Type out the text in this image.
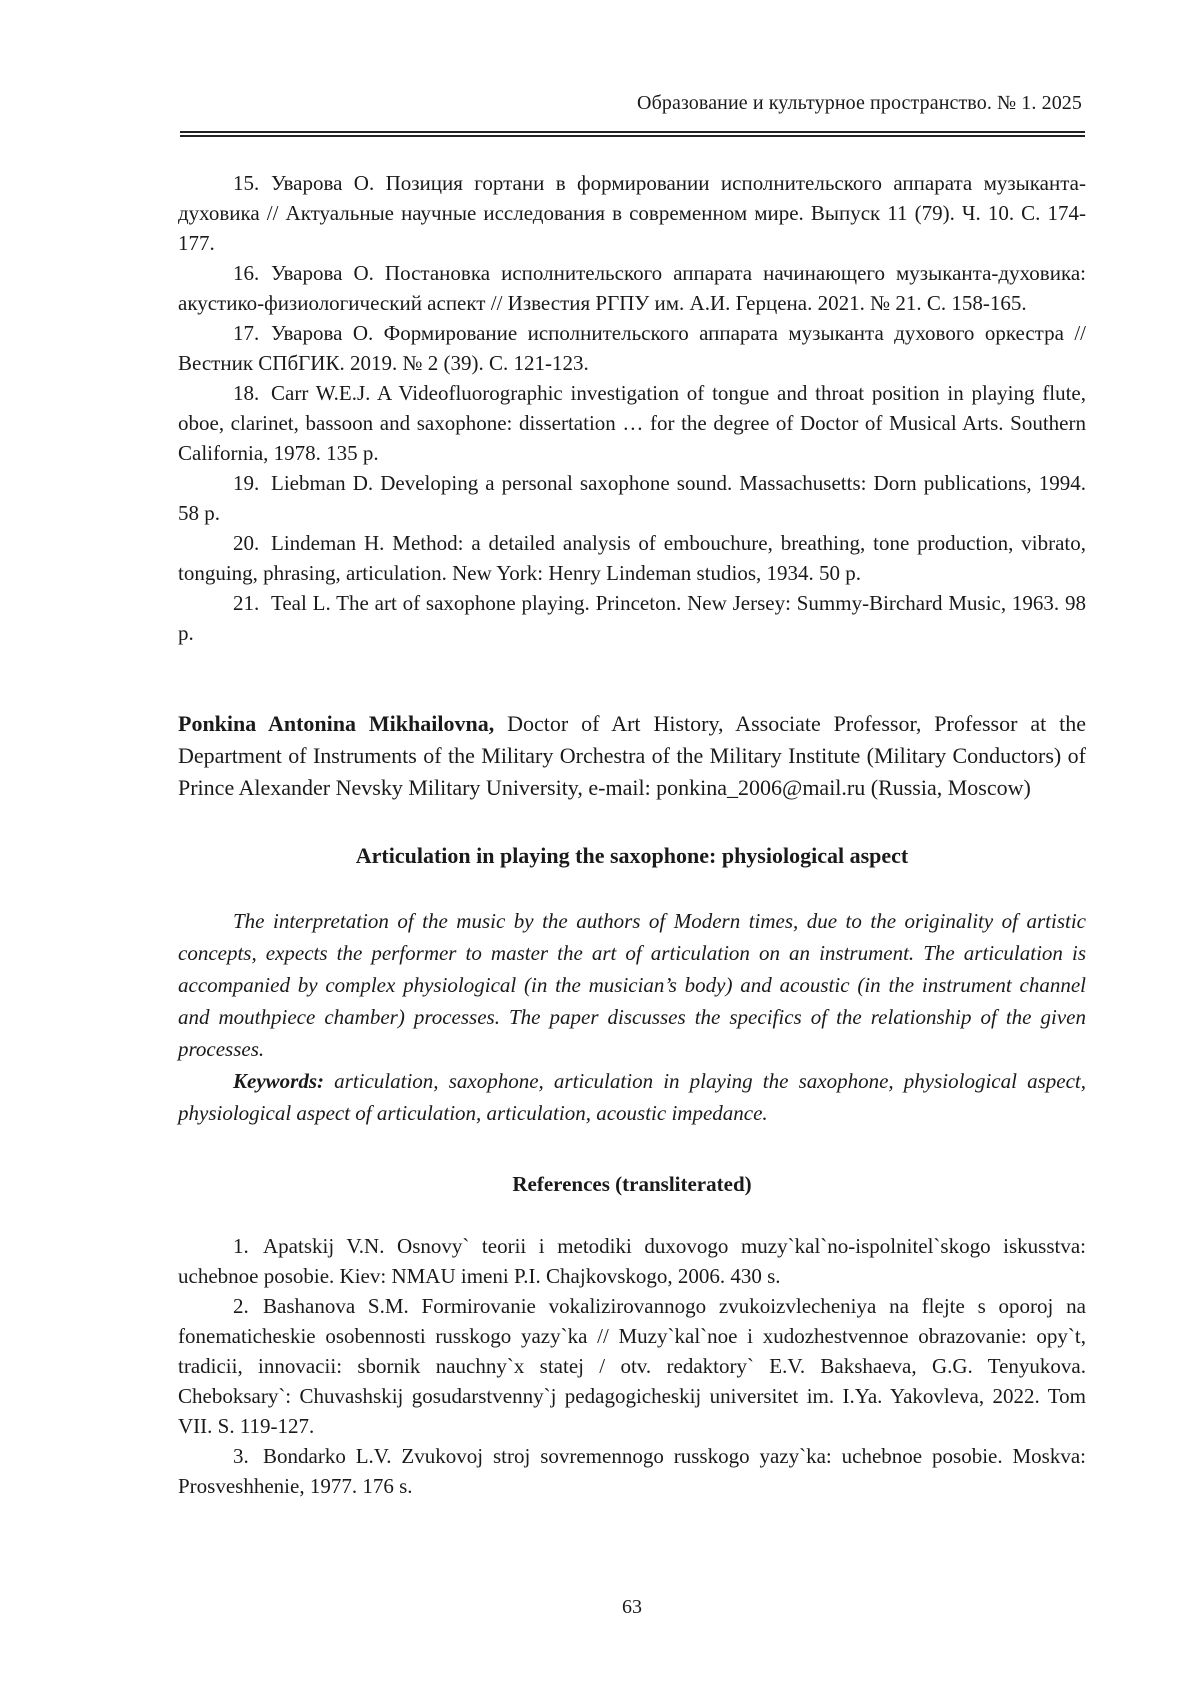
Образование и культурное пространство. № 1. 2025

15. Уварова О. Позиция гортани в формировании исполнительского аппарата музыканта-духовика // Актуальные научные исследования в современном мире. Выпуск 11 (79). Ч. 10. С. 174-177.

16. Уварова О. Постановка исполнительского аппарата начинающего музыканта-духовика: акустико-физиологический аспект // Известия РГПУ им. А.И. Герцена. 2021. № 21. С. 158-165.

17. Уварова О. Формирование исполнительского аппарата музыканта духового оркестра // Вестник СПбГИК. 2019. № 2 (39). С. 121-123.

18. Carr W.E.J. A Videofluorographic investigation of tongue and throat position in playing flute, oboe, clarinet, bassoon and saxophone: dissertation … for the degree of Doctor of Musical Arts. Southern California, 1978. 135 p.

19. Liebman D. Developing a personal saxophone sound. Massachusetts: Dorn publications, 1994. 58 p.

20. Lindeman H. Method: a detailed analysis of embouchure, breathing, tone production, vibrato, tonguing, phrasing, articulation. New York: Henry Lindeman studios, 1934. 50 p.

21. Teal L. The art of saxophone playing. Princeton. New Jersey: Summy-Birchard Music, 1963. 98 p.

Ponkina Antonina Mikhailovna, Doctor of Art History, Associate Professor, Professor at the Department of Instruments of the Military Orchestra of the Military Institute (Military Conductors) of Prince Alexander Nevsky Military University, e-mail: ponkina_2006@mail.ru (Russia, Moscow)
Articulation in playing the saxophone: physiological aspect

The interpretation of the music by the authors of Modern times, due to the originality of artistic concepts, expects the performer to master the art of articulation on an instrument. The articulation is accompanied by complex physiological (in the musician’s body) and acoustic (in the instrument channel and mouthpiece chamber) processes. The paper discusses the specifics of the relationship of the given processes.

Keywords: articulation, saxophone, articulation in playing the saxophone, physiological aspect, physiological aspect of articulation, articulation, acoustic impedance.

References (transliterated)

1. Apatskij V.N. Osnovy` teorii i metodiki duxovogo muzy`kal`no-ispolnitel`skogo iskusstva: uchebnoe posobie. Kiev: NMAU imeni P.I. Chajkovskogo, 2006. 430 s.

2. Bashanova S.M. Formirovanie vokalizirovannogo zvukoizvlecheniya na flejte s oporoj na fonematicheskie osobennosti russkogo yazy`ka // Muzy`kal`noe i xudozhestvennoe obrazovanie: opy`t, tradicii, innovacii: sbornik nauchny`x statej / otv. redaktory` E.V. Bakshaeva, G.G. Tenyukova. Cheboksary`: Chuvashskij gosudarstvenny`j pedagogicheskij universitet im. I.Ya. Yakovleva, 2022. Tom VII. S. 119-127.

3. Bondarko L.V. Zvukovoj stroj sovremennogo russkogo yazy`ka: uchebnoe posobie. Moskva: Prosveshhenie, 1977. 176 s.

63
